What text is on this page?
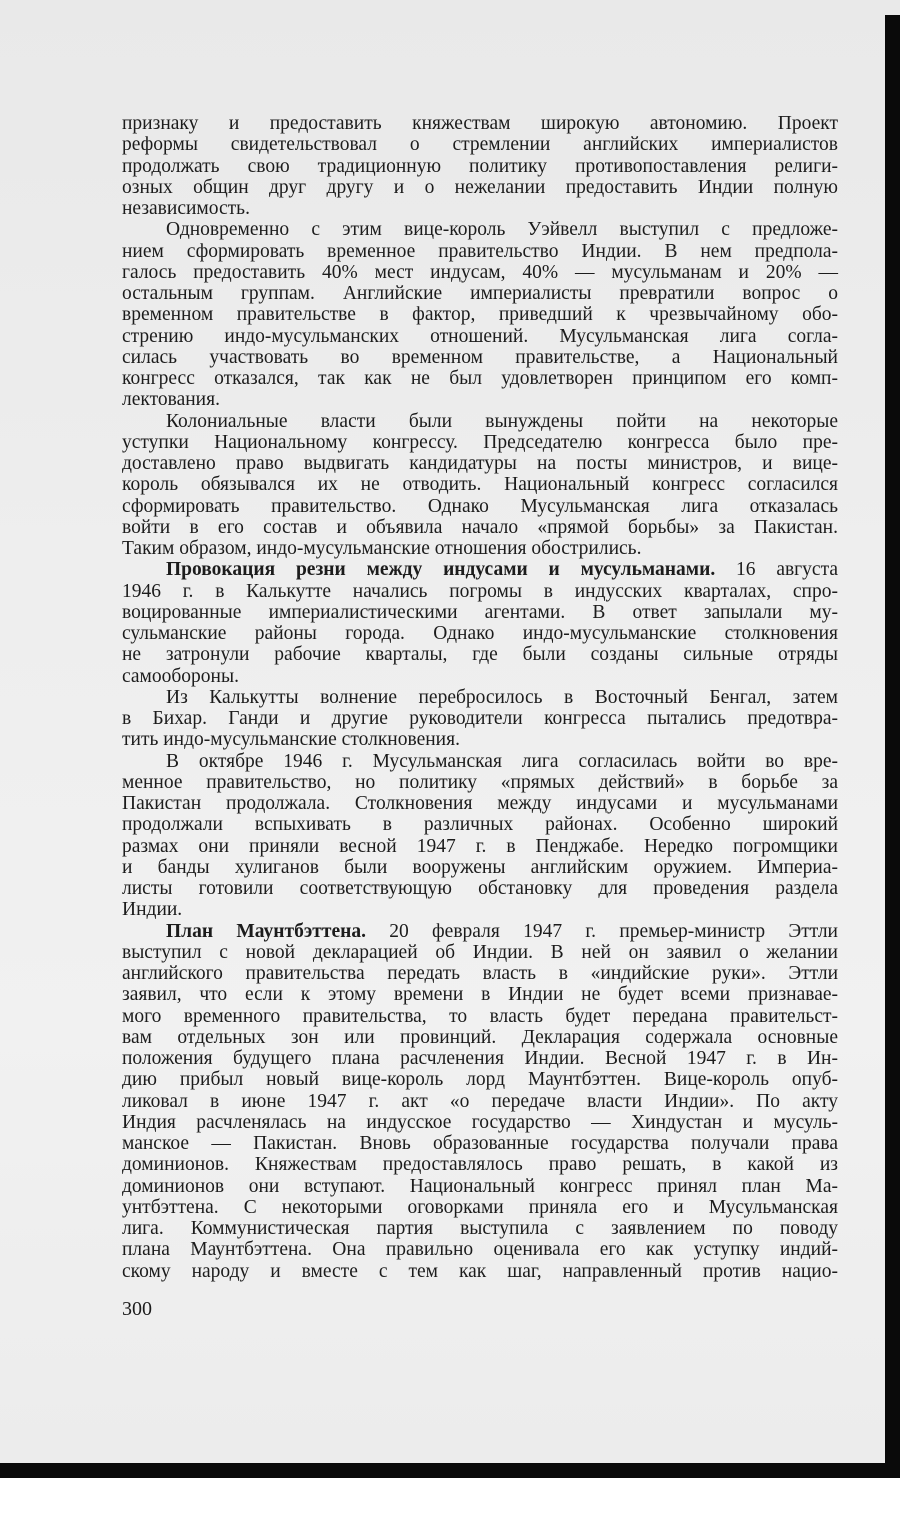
признаку и предоставить княжествам широкую автономию. Проект
реформы свидетельствовал о стремлении английских империалистов
продолжать свою традиционную политику противопоставления религи-
озных общин друг другу и о нежелании предоставить Индии полную
независимость.
Одновременно с этим вице-король Уэйвелл выступил с предложе-
нием сформировать временное правительство Индии. В нем предпола-
галось предоставить 40% мест индусам, 40% — мусульманам и 20% —
остальным группам. Английские империалисты превратили вопрос о
временном правительстве в фактор, приведший к чрезвычайному обо-
стрению индо-мусульманских отношений. Мусульманская лига согла-
силась участвовать во временном правительстве, а Национальный
конгресс отказался, так как не был удовлетворен принципом его комп-
лектования.
Колониальные власти были вынуждены пойти на некоторые
уступки Национальному конгрессу. Председателю конгресса было пре-
доставлено право выдвигать кандидатуры на посты министров, и вице-
король обязывался их не отводить. Национальный конгресс согласился
сформировать правительство. Однако Мусульманская лига отказалась
войти в его состав и объявила начало «прямой борьбы» за Пакистан.
Таким образом, индо-мусульманские отношения обострились.
Провокация резни между индусами и мусульманами. 16 августа
1946 г. в Калькутте начались погромы в индусских кварталах, спро-
воцированные империалистическими агентами. В ответ запылали му-
сульманские районы города. Однако индо-мусульманские столкновения
не затронули рабочие кварталы, где были созданы сильные отряды
самообороны.
Из Калькутты волнение перебросилось в Восточный Бенгал, затем
в Бихар. Ганди и другие руководители конгресса пытались предотвра-
тить индо-мусульманские столкновения.
В октябре 1946 г. Мусульманская лига согласилась войти во вре-
менное правительство, но политику «прямых действий» в борьбе за
Пакистан продолжала. Столкновения между индусами и мусульманами
продолжали вспыхивать в различных районах. Особенно широкий
размах они приняли весной 1947 г. в Пенджабе. Нередко погромщики
и банды хулиганов были вооружены английским оружием. Империа-
листы готовили соответствующую обстановку для проведения раздела
Индии.
План Маунтбэттена. 20 февраля 1947 г. премьер-министр Эттли
выступил с новой декларацией об Индии. В ней он заявил о желании
английского правительства передать власть в «индийские руки». Эттли
заявил, что если к этому времени в Индии не будет всеми признавае-
мого временного правительства, то власть будет передана правительст-
вам отдельных зон или провинций. Декларация содержала основные
положения будущего плана расчленения Индии. Весной 1947 г. в Ин-
дию прибыл новый вице-король лорд Маунтбэттен. Вице-король опуб-
ликовал в июне 1947 г. акт «о передаче власти Индии». По акту
Индия расчленялась на индусское государство — Хиндустан и мусуль-
манское — Пакистан. Вновь образованные государства получали права
доминионов. Княжествам предоставлялось право решать, в какой из
доминионов они вступают. Национальный конгресс принял план Ма-
унтбэттена. С некоторыми оговорками приняла его и Мусульманская
лига. Коммунистическая партия выступила с заявлением по поводу
плана Маунтбэттена. Она правильно оценивала его как уступку индий-
скому народу и вместе с тем как шаг, направленный против нацио-
300
